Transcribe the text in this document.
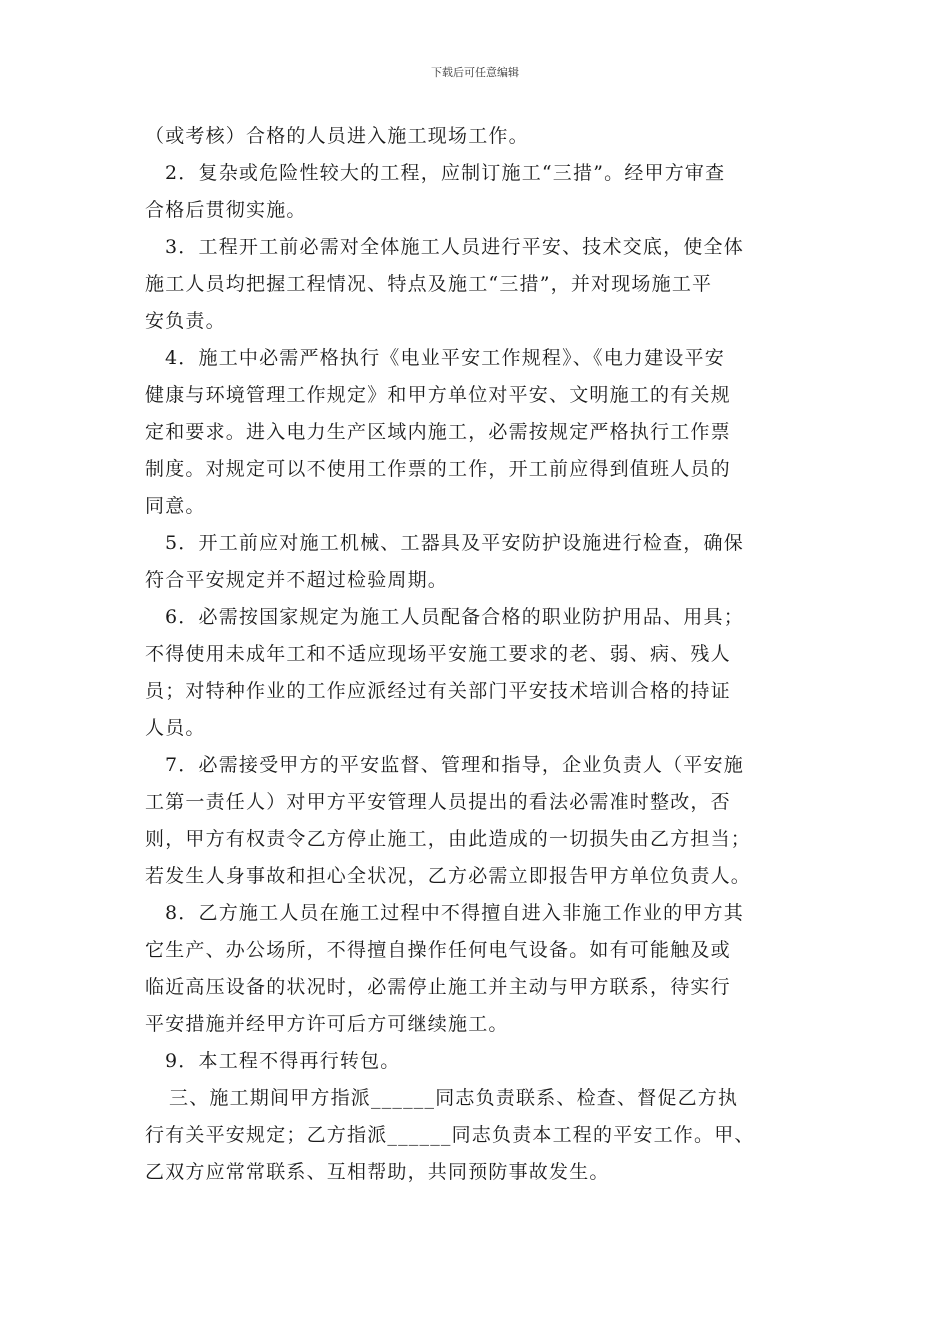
下载后可任意编辑
（或考核）合格的人员进入施工现场工作。
2．复杂或危险性较大的工程，应制订施工“三措”。经甲方审查
合格后贯彻实施。
3．工程开工前必需对全体施工人员进行平安、技术交底，使全体
施工人员均把握工程情况、特点及施工“三措”，并对现场施工平
安负责。
4．施工中必需严格执行《电业平安工作规程》、《电力建设平安
健康与环境管理工作规定》和甲方单位对平安、文明施工的有关规
定和要求。进入电力生产区域内施工，必需按规定严格执行工作票
制度。对规定可以不使用工作票的工作，开工前应得到值班人员的
同意。
5．开工前应对施工机械、工器具及平安防护设施进行检查，确保
符合平安规定并不超过检验周期。
6．必需按国家规定为施工人员配备合格的职业防护用品、用具；
不得使用未成年工和不适应现场平安施工要求的老、弱、病、残人
员；对特种作业的工作应派经过有关部门平安技术培训合格的持证
人员。
7．必需接受甲方的平安监督、管理和指导，企业负责人（平安施
工第一责任人）对甲方平安管理人员提出的看法必需准时整改，否
则，甲方有权责令乙方停止施工，由此造成的一切损失由乙方担当；
若发生人身事故和担心全状况，乙方必需立即报告甲方单位负责人。
8．乙方施工人员在施工过程中不得擅自进入非施工作业的甲方其
它生产、办公场所，不得擅自操作任何电气设备。如有可能触及或
临近高压设备的状况时，必需停止施工并主动与甲方联系，待实行
平安措施并经甲方许可后方可继续施工。
9．本工程不得再行转包。
三、施工期间甲方指派______同志负责联系、检查、督促乙方执
行有关平安规定；乙方指派______同志负责本工程的平安工作。甲、
乙双方应常常联系、互相帮助，共同预防事故发生。
